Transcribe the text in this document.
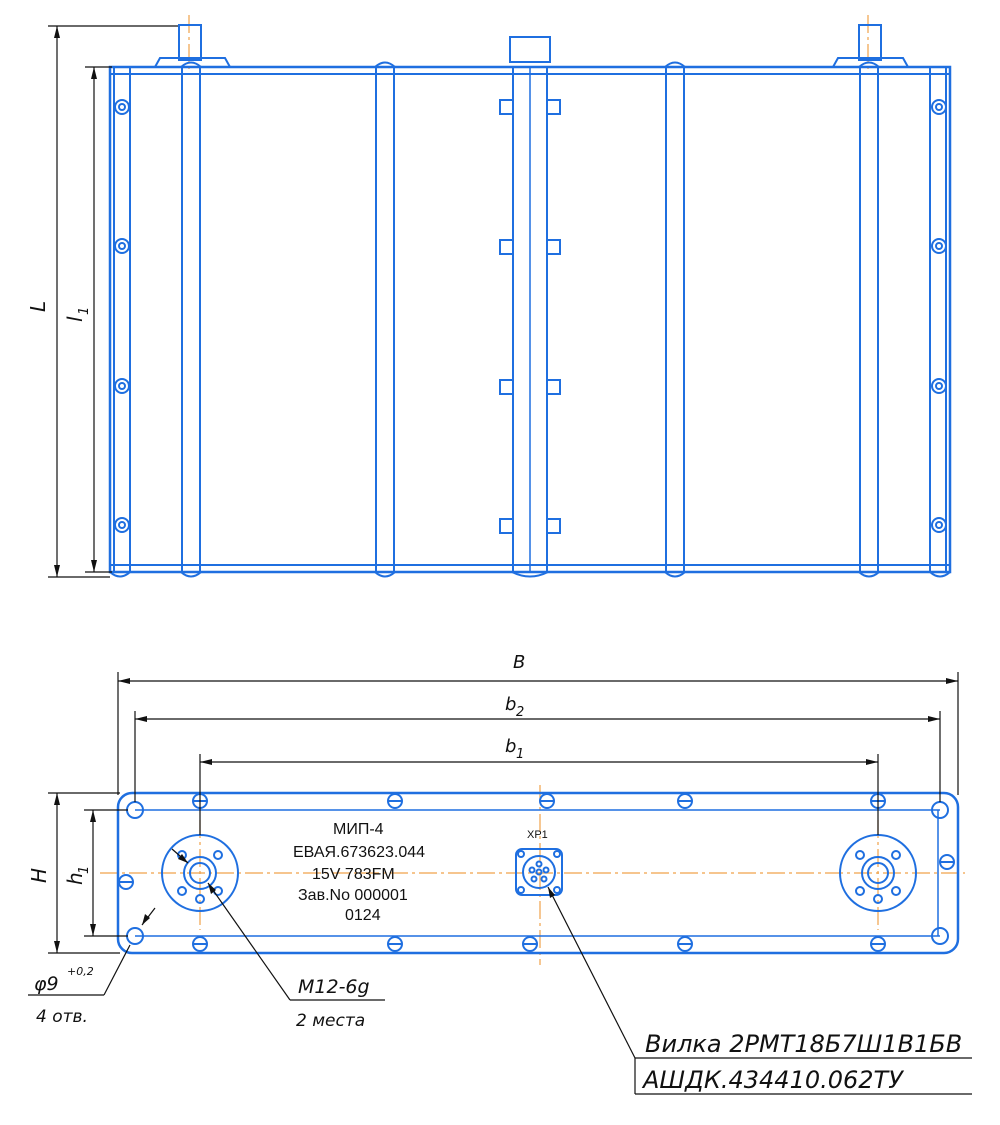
L
l
1
XP1
МИП-4
ЕВАЯ.673623.044
15V 783FM
Зав.No 000001
0124
B
b 2
b 1
H h
1
φ9
+0,2
4 отв.
M12-6g
2 места
Вилка 2РМТ18Б7Ш1В1БВ
АШДК.434410.062ТУ
